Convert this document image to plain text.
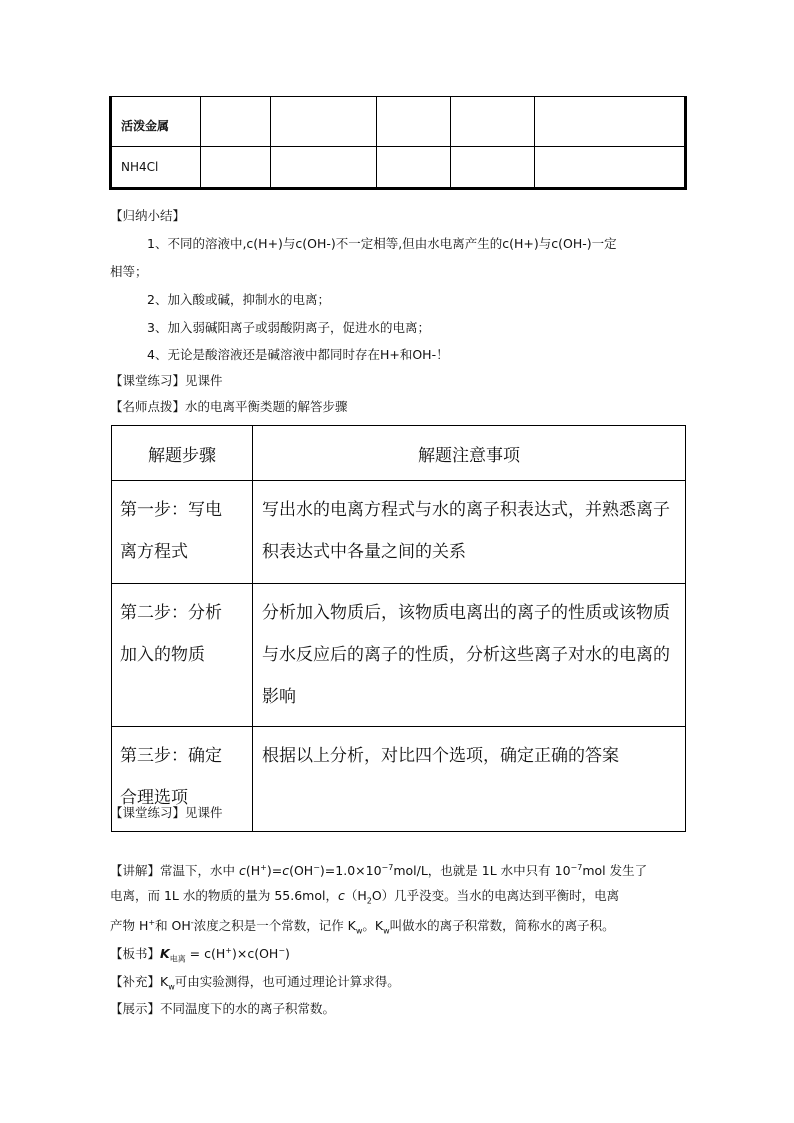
活泼金属					
NH4Cl					
【归纳小结】
1、不同的溶液中,c(H+)与c(OH-)不一定相等,但由水电离产生的c(H+)与c(OH-)一定
相等；
2、加入酸或碱，抑制水的电离；
3、加入弱碱阳离子或弱酸阴离子，促进水的电离；
4、无论是酸溶液还是碱溶液中都同时存在H+和OH-！
【课堂练习】见课件
【名师点拨】水的电离平衡类题的解答步骤
解题步骤	解题注意事项
第一步：写电
离方程式	写出水的电离方程式与水的离子积表达式，并熟悉离子积表达式中各量之间的关系
第二步：分析
加入的物质	分析加入物质后，该物质电离出的离子的性质或该物质与水反应后的离子的性质，分析这些离子对水的电离的影响
第三步：确定
合理选项	根据以上分析，对比四个选项，确定正确的答案
【课堂练习】见课件
【讲解】常温下，水中 $c(H^+)=c(OH^-)=1.0\times 10^{-7}mol/L$，也就是 1L 水中只有 $10^{-7}mol$ 发生了
电离，而 1L 水的物质的量为 55.6mol，$c(H_2O)$几乎没变。当水的电离达到平衡时，电离
产物 H+和 OH-浓度之积是一个常数，记作 $K_w$。$K_w$叫做水的离子积常数，简称水的离子积。
【板书】$K_{电离} = c(H^+)\times c(OH^-)$
【补充】$K_w$可由实验测得，也可通过理论计算求得。
【展示】不同温度下的水的离子积常数。
